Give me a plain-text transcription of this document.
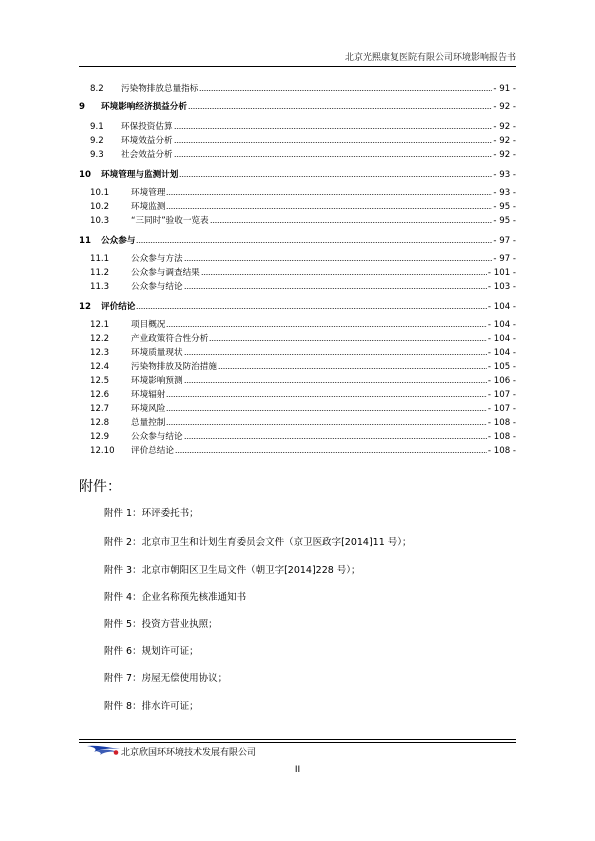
北京光熙康复医院有限公司环境影响报告书
8.2	污染物排放总量指标	- 91 -
9	环境影响经济损益分析	- 92 -
9.1	环保投资估算	- 92 -
9.2	环境效益分析	- 92 -
9.3	社会效益分析	- 92 -
10	环境管理与监测计划	- 93 -
10.1	环境管理	- 93 -
10.2	环境监测	- 95 -
10.3	“三同时”验收一览表	- 95 -
11	公众参与	- 97 -
11.1	公众参与方法	- 97 -
11.2	公众参与调查结果	- 101 -
11.3	公众参与结论	- 103 -
12	评价结论	- 104 -
12.1	项目概况	- 104 -
12.2	产业政策符合性分析	- 104 -
12.3	环境质量现状	- 104 -
12.4	污染物排放及防治措施	- 105 -
12.5	环境影响预测	- 106 -
12.6	环境辐射	- 107 -
12.7	环境风险	- 107 -
12.8	总量控制	- 108 -
12.9	公众参与结论	- 108 -
12.10	评价总结论	- 108 -
附件：
附件 1：环评委托书；
附件 2：北京市卫生和计划生育委员会文件（京卫医政字[2014]11 号）；
附件 3：北京市朝阳区卫生局文件（朝卫字[2014]228 号）；
附件 4：企业名称预先核准通知书
附件 5：投资方营业执照；
附件 6：规划许可证；
附件 7：房屋无偿使用协议；
附件 8：排水许可证；
北京欣国环环境技术发展有限公司
II
